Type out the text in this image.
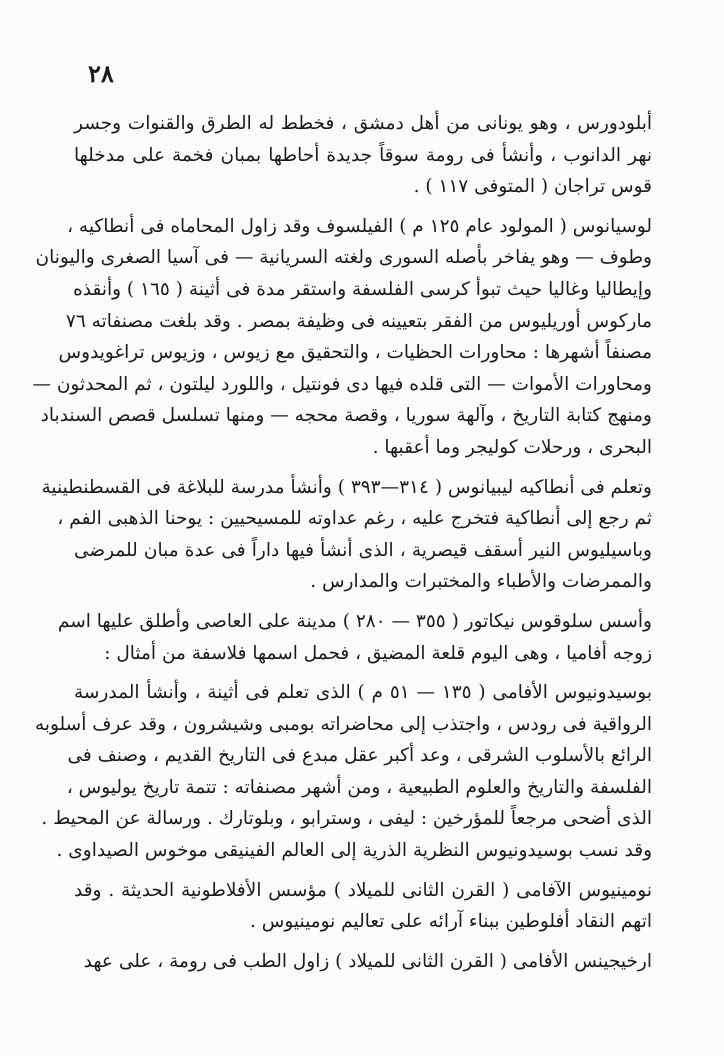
٢٨
أبلودورس ، وهو يونانى من أهل دمشق ، فخطط له الطرق والقنوات وجسر
نهر الدانوب ، وأنشأ فى رومة سوقاً جديدة أحاطها بمبان فخمة على مدخلها
قوس تراجان ( المتوفى ١١٧ ) .
لوسيانوس ( المولود عام ١٢٥ م ) الفيلسوف وقد زاول المحاماه فى أنطاكيه ،
وطوف — وهو يفاخر بأصله السورى ولغته السريانية — فى آسيا الصغرى واليونان
وإيطاليا وغاليا حيث تبوأ كرسى الفلسفة واستقر مدة فى أثينة ( ١٦٥ ) وأنقذه
ماركوس أوريليوس من الفقر بتعيينه فى وظيفة بمصر . وقد بلغت مصنفاته ٧٦
مصنفاً أشهرها : محاورات الحظيات ، والتحقيق مع زيوس ، وزيوس تراغويدوس
ومحاورات الأموات — التى قلده فيها دى فونتيل ، واللورد ليلتون ، ثم المحدثون —
ومنهج كتابة التاريخ ، وآلهة سوريا ، وقصة محجه — ومنها تسلسل قصص السندباد
البحرى ، ورحلات كوليجر وما أعقبها .
وتعلم فى أنطاكيه ليبيانوس ( ٣١٤—٣٩٣ ) وأنشأ مدرسة للبلاغة فى القسطنطينية
ثم رجع إلى أنطاكية فتخرج عليه ، رغم عداوته للمسيحيين : يوحنا الذهبى الفم ،
وباسيليوس النير أسقف قيصرية ، الذى أنشأ فيها داراً فى عدة مبان للمرضى
والممرضات والأطباء والمختبرات والمدارس .
وأسس سلوقوس نيكاتور ( ٣٥٥ — ٢٨٠ ) مدينة على العاصى وأطلق عليها اسم
زوجه أفاميا ، وهى اليوم قلعة المضيق ، فحمل اسمها فلاسفة من أمثال :
بوسيدونيوس الأفامى ( ١٣٥ — ٥١ م ) الذى تعلم فى أثينة ، وأنشأ المدرسة
الرواقية فى رودس ، واجتذب إلى محاضراته بومبى وشيشرون ، وقد عرف أسلوبه
الرائع بالأسلوب الشرقى ، وعد أكبر عقل مبدع فى التاريخ القديم ، وصنف فى
الفلسفة والتاريخ والعلوم الطبيعية ، ومن أشهر مصنفاته : تتمة تاريخ يوليوس ،
الذى أضحى مرجعاً للمؤرخين : ليفى ، وسترابو ، وبلوتارك . ورسالة عن المحيط .
وقد نسب بوسيدونيوس النظرية الذرية إلى العالم الفينيقى موخوس الصيداوى .
نومينيوس الآفامى ( القرن الثانى للميلاد ) مؤسس الأفلاطونية الحديثة . وقد
اتهم النقاد أفلوطين ببناء آرائه على تعاليم نومينيوس .
ارخيجينس الأفامى ( القرن الثانى للميلاد ) زاول الطب فى رومة ، على عهد
